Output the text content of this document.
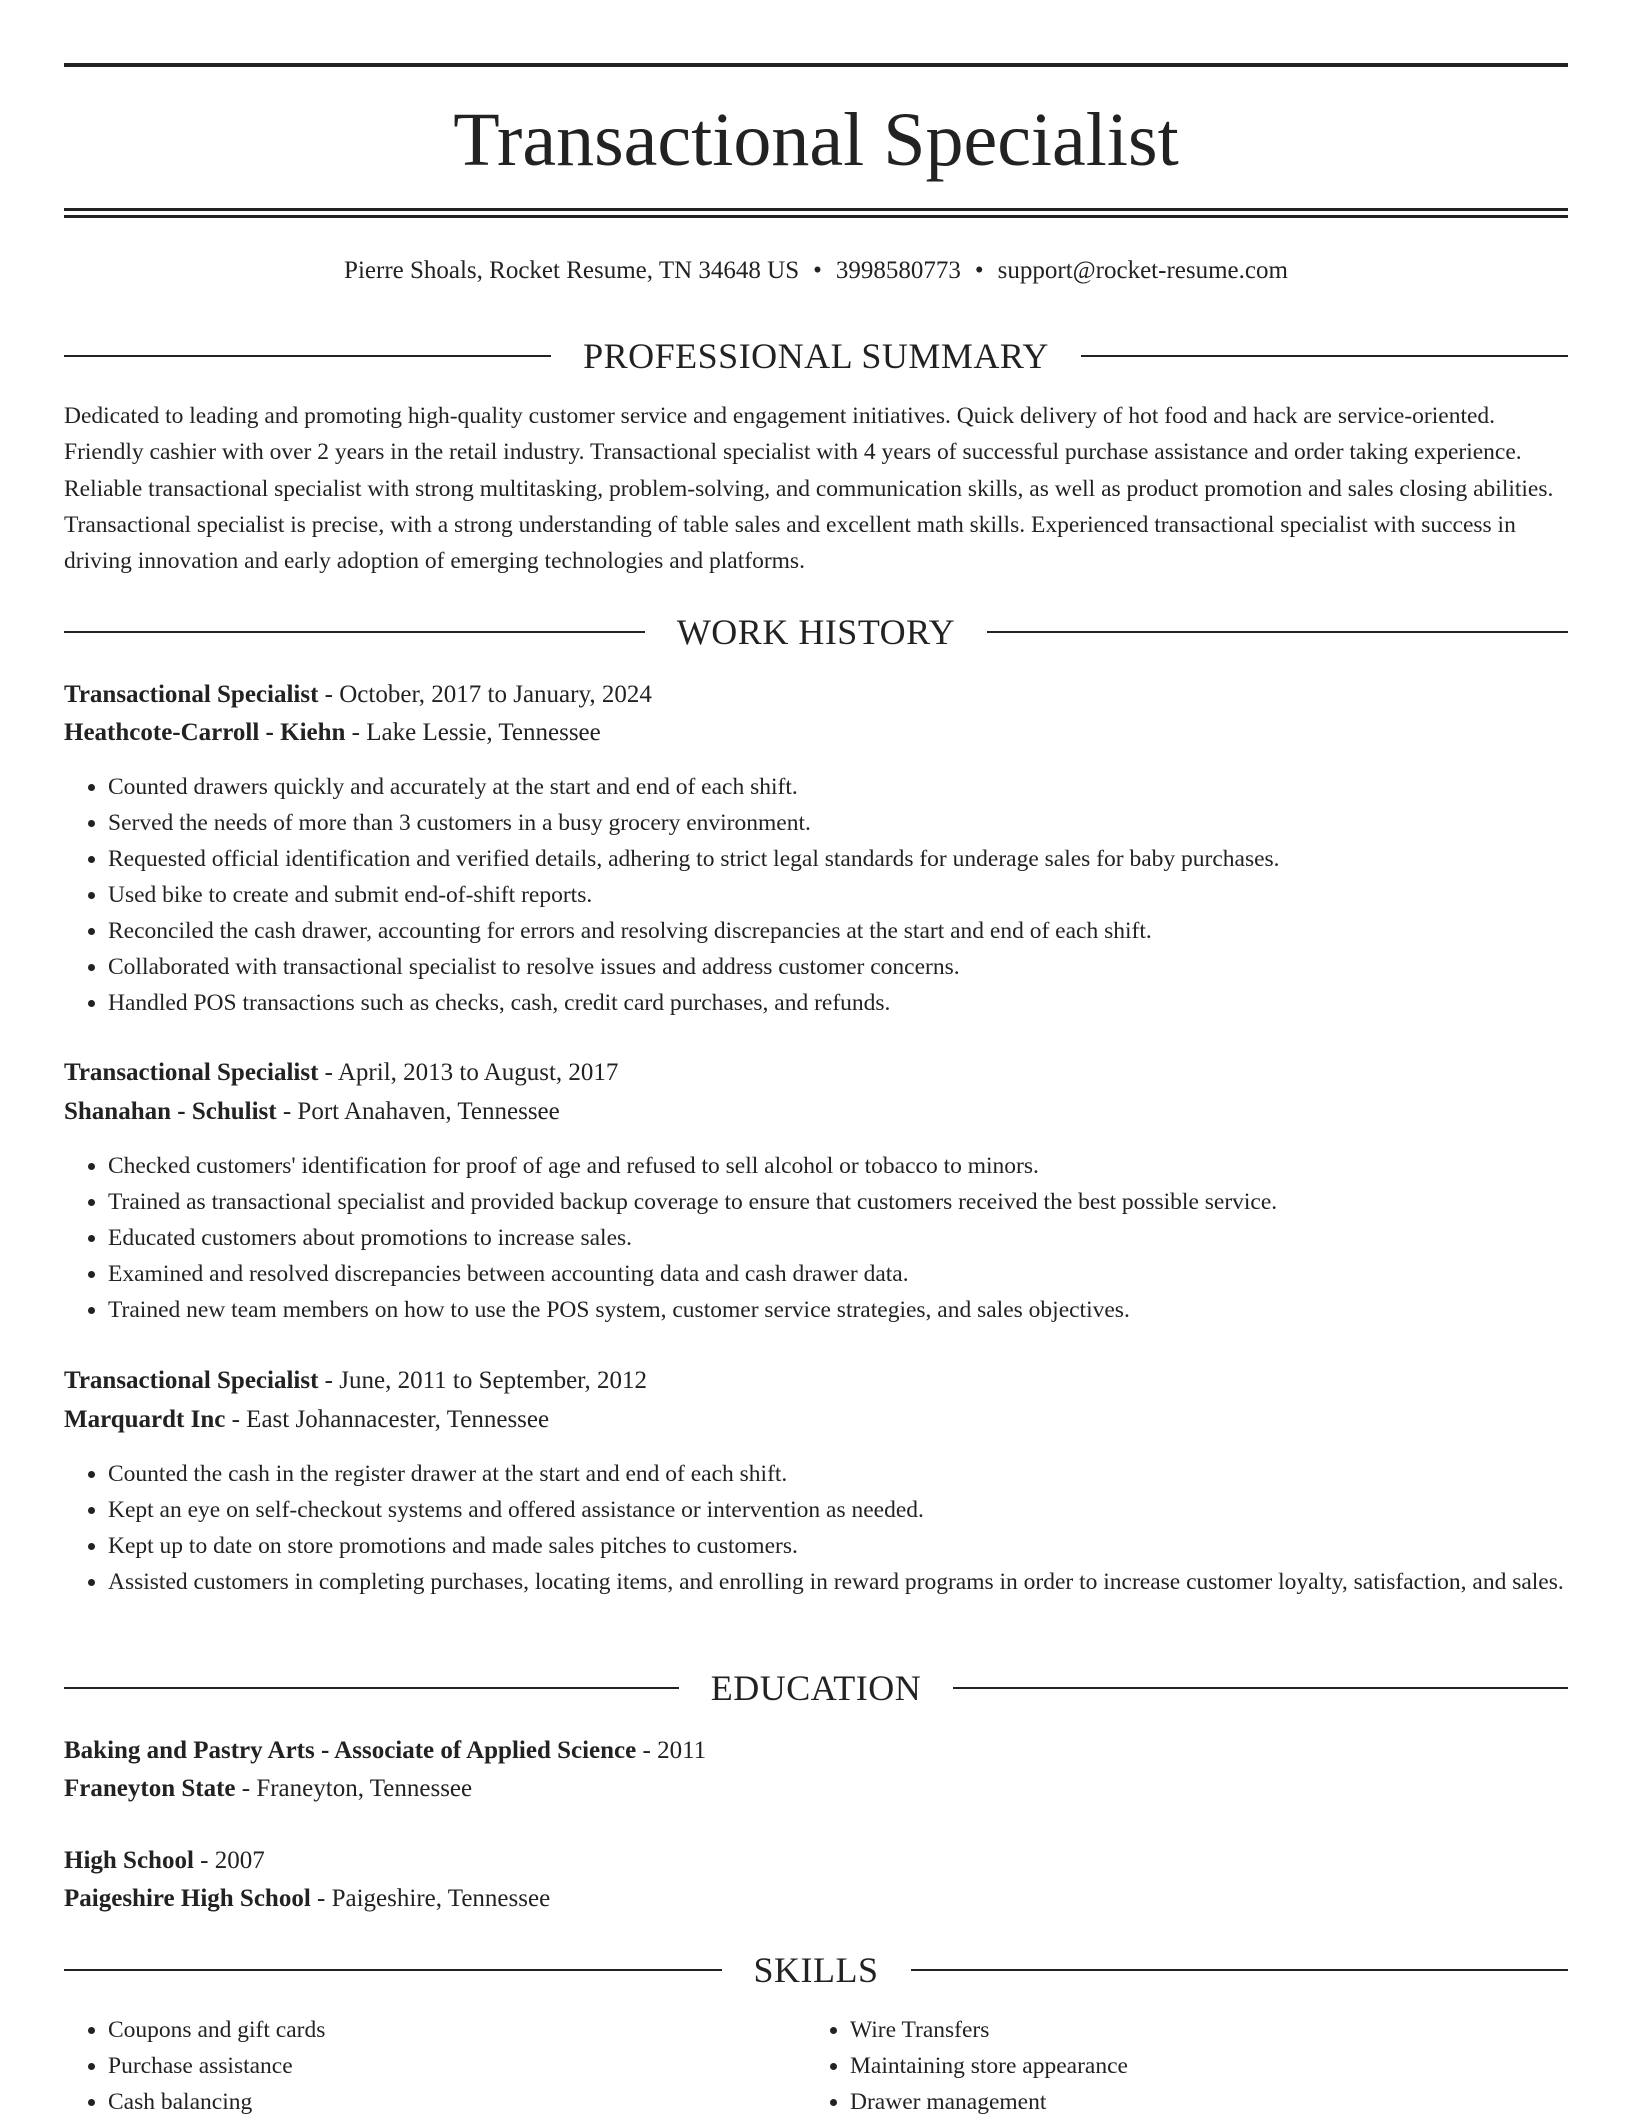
Transactional Specialist
Pierre Shoals, Rocket Resume, TN 34648 US • 3998580773 • support@rocket-resume.com
PROFESSIONAL SUMMARY

Dedicated to leading and promoting high-quality customer service and engagement initiatives. Quick delivery of hot food and hack are service-oriented. Friendly cashier with over 2 years in the retail industry. Transactional specialist with 4 years of successful purchase assistance and order taking experience. Reliable transactional specialist with strong multitasking, problem-solving, and communication skills, as well as product promotion and sales closing abilities. Transactional specialist is precise, with a strong understanding of table sales and excellent math skills. Experienced transactional specialist with success in driving innovation and early adoption of emerging technologies and platforms.

WORK HISTORY
Transactional Specialist - October, 2017 to January, 2024
Heathcote-Carroll - Kiehn - Lake Lessie, Tennessee
• Counted drawers quickly and accurately at the start and end of each shift.
• Served the needs of more than 3 customers in a busy grocery environment.
• Requested official identification and verified details, adhering to strict legal standards for underage sales for baby purchases.
• Used bike to create and submit end-of-shift reports.
• Reconciled the cash drawer, accounting for errors and resolving discrepancies at the start and end of each shift.
• Collaborated with transactional specialist to resolve issues and address customer concerns.
• Handled POS transactions such as checks, cash, credit card purchases, and refunds.
Transactional Specialist - April, 2013 to August, 2017
Shanahan - Schulist - Port Anahaven, Tennessee
• Checked customers' identification for proof of age and refused to sell alcohol or tobacco to minors.
• Trained as transactional specialist and provided backup coverage to ensure that customers received the best possible service.
• Educated customers about promotions to increase sales.
• Examined and resolved discrepancies between accounting data and cash drawer data.
• Trained new team members on how to use the POS system, customer service strategies, and sales objectives.
Transactional Specialist - June, 2011 to September, 2012
Marquardt Inc - East Johannacester, Tennessee
• Counted the cash in the register drawer at the start and end of each shift.
• Kept an eye on self-checkout systems and offered assistance or intervention as needed.
• Kept up to date on store promotions and made sales pitches to customers.
• Assisted customers in completing purchases, locating items, and enrolling in reward programs in order to increase customer loyalty, satisfaction, and sales.
EDUCATION
Baking and Pastry Arts - Associate of Applied Science - 2011
Franeyton State - Franeyton, Tennessee
High School - 2007
Paigeshire High School - Paigeshire, Tennessee
SKILLS
• Coupons and gift cards
• Purchase assistance
• Cash balancing
• Wire Transfers
• Maintaining store appearance
• Drawer management
